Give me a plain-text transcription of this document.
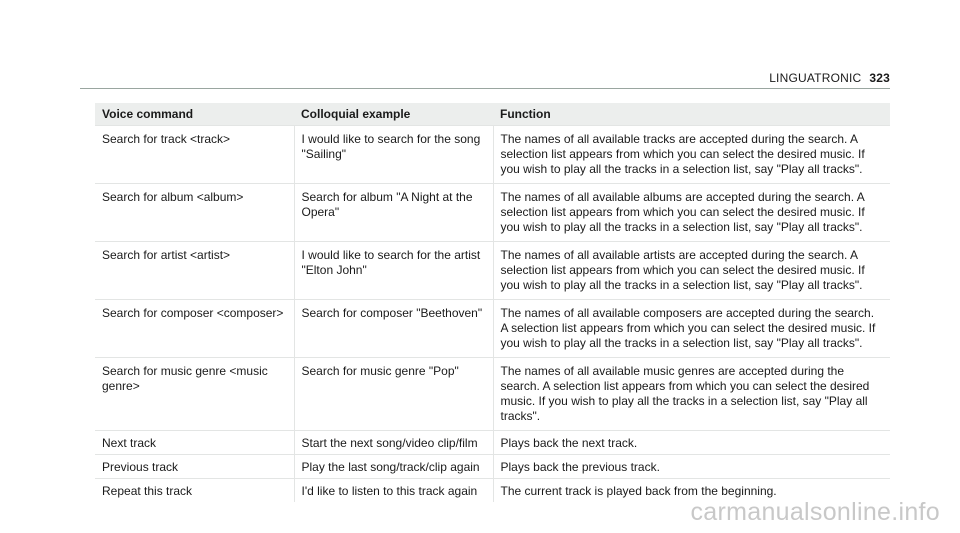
LINGUATRONIC 323
Voice command	Colloquial example	Function
Search for track <track>	I would like to search for the song "Sailing"	The names of all available tracks are accepted during the search. A selection list appears from which you can select the desired music. If you wish to play all the tracks in a selection list, say "Play all tracks".
Search for album <album>	Search for album "A Night at the Opera"	The names of all available albums are accepted during the search. A selection list appears from which you can select the desired music. If you wish to play all the tracks in a selection list, say "Play all tracks".
Search for artist <artist>	I would like to search for the artist "Elton John"	The names of all available artists are accepted during the search. A selection list appears from which you can select the desired music. If you wish to play all the tracks in a selection list, say "Play all tracks".
Search for composer <composer>	Search for composer "Beethoven"	The names of all available composers are accepted during the search. A selection list appears from which you can select the desired music. If you wish to play all the tracks in a selection list, say "Play all tracks".
Search for music genre <music genre>	Search for music genre "Pop"	The names of all available music genres are accepted during the search. A selection list appears from which you can select the desired music. If you wish to play all the tracks in a selection list, say "Play all tracks".
Next track	Start the next song/video clip/film	Plays back the next track.
Previous track	Play the last song/track/clip again	Plays back the previous track.
Repeat this track	I'd like to listen to this track again	The current track is played back from the beginning.
carmanualsonline.info
